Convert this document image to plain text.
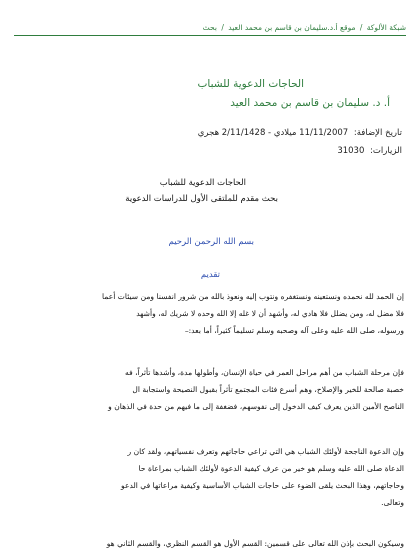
شبكة الألوكة / موقع أ.د.سليمان بن قاسم بن محمد العيد / بحث
الحاجات الدعوية للشباب
أ. د. سليمان بن قاسم بن محمد العيد
تاريخ الإضافة: 11/11/2007 ميلادي - 2/11/1428 هجري
الزيارات: 31030
الحاجات الدعوية للشباب
بحث مقدم للملتقى الأول للدراسات الدعوية
بسم الله الرحمن الرحيم
تقديم
إن الحمد لله نحمده ونستعينه ونستغفره ونتوب إليه ونعوذ بالله من شرور انفسنا ومن سيئات أعما
فلا مضل له، ومن يضلل فلا هادي له، وأشهد أن لا غله إلا الله وحده لا شريك له، وأشهد
ورسوله، صلى الله عليه وعلى آله وصحبه وسلم تسليماً كثيراً، أما بعد:–
فإن مرحلة الشباب من أهم مراحل العمر في حياة الإنسان، وأطولها مدة، وأشدها تأثراً، فه
خصبة صالحة للخير والإصلاح، وهم أسرع فئات المجتمع تأثراً بقبول النصيحة واستجابة ال
الناصح الأمين الذين يعرف كيف الدخول إلى نفوسهم، فضغفة إلى ما فيهم من حدة في الذهان و
وإن الدعوة الناجحة لأولئك الشباب هي التي تراعي حاجاتهم وتعرف نفسياتهم، ولقد كان ر
الدعاة صلى الله عليه وسلم هو خير من عرف كيفية الدعوة لأولئك الشباب بمراعاة حا
وحاجاتهم، وهذا البحث يلقى الضوء على حاجات الشباب الأساسية وكيفية مراعاتها في الدعو
وتعالى.
وسيكون البحث بإذن الله تعالى على قسمين: القسم الأول هو القسم النظري، والقسم الثاني هو
